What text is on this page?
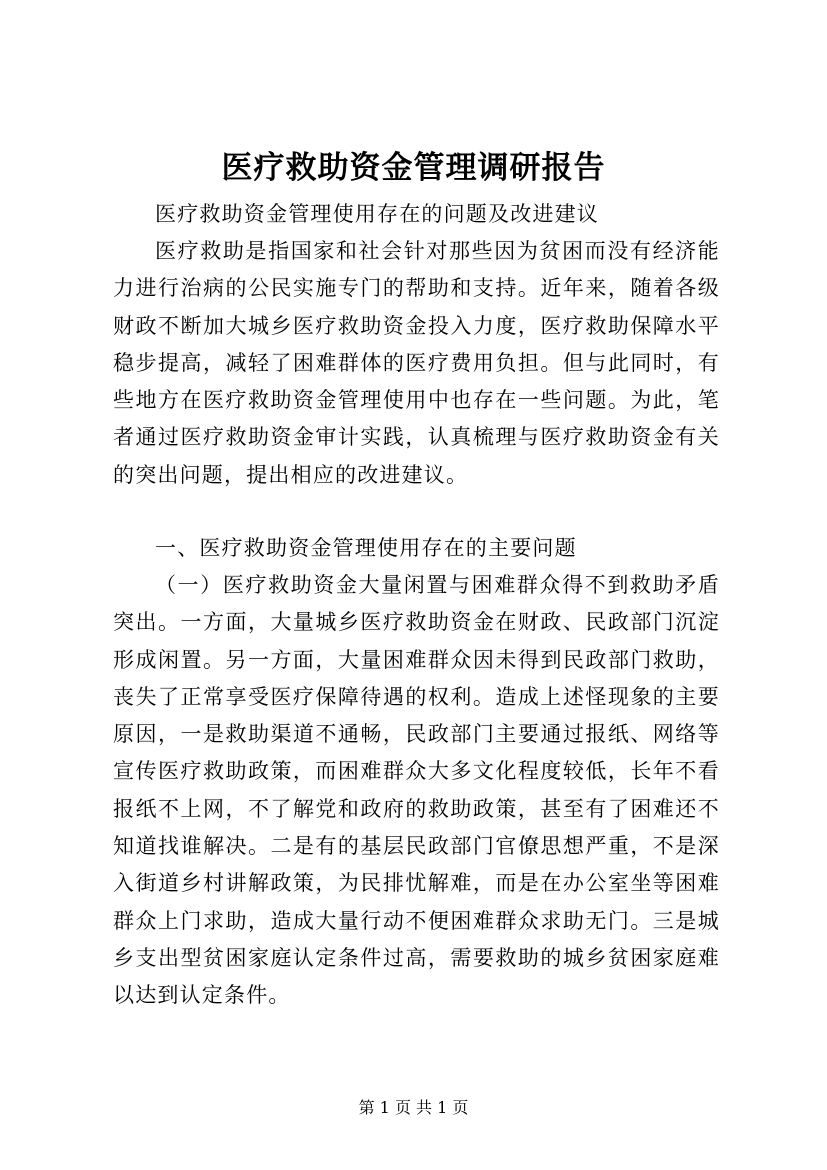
医疗救助资金管理调研报告

医疗救助资金管理使用存在的问题及改进建议

医疗救助是指国家和社会针对那些因为贫困而没有经济能力进行治病的公民实施专门的帮助和支持。近年来，随着各级财政不断加大城乡医疗救助资金投入力度，医疗救助保障水平稳步提高，减轻了困难群体的医疗费用负担。但与此同时，有些地方在医疗救助资金管理使用中也存在一些问题。为此，笔者通过医疗救助资金审计实践，认真梳理与医疗救助资金有关的突出问题，提出相应的改进建议。

一、医疗救助资金管理使用存在的主要问题

（一）医疗救助资金大量闲置与困难群众得不到救助矛盾突出。一方面，大量城乡医疗救助资金在财政、民政部门沉淀形成闲置。另一方面，大量困难群众因未得到民政部门救助，丧失了正常享受医疗保障待遇的权利。造成上述怪现象的主要原因，一是救助渠道不通畅，民政部门主要通过报纸、网络等宣传医疗救助政策，而困难群众大多文化程度较低，长年不看报纸不上网，不了解党和政府的救助政策，甚至有了困难还不知道找谁解决。二是有的基层民政部门官僚思想严重，不是深入街道乡村讲解政策，为民排忧解难，而是在办公室坐等困难群众上门求助，造成大量行动不便困难群众求助无门。三是城乡支出型贫困家庭认定条件过高，需要救助的城乡贫困家庭难以达到认定条件。

第 1 页 共 1 页
